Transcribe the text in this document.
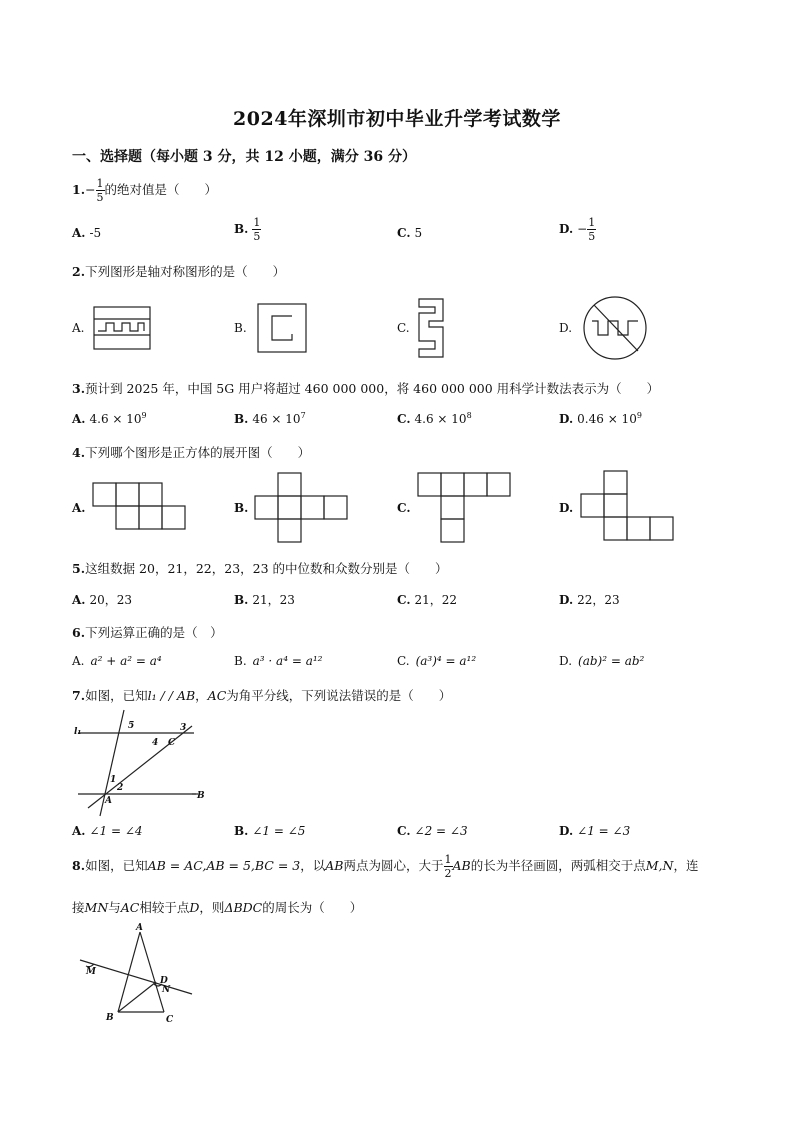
2024年深圳市初中毕业升学考试数学
一、选择题（每小题 3 分，共 12 小题，满分 36 分）
$1.- \frac{1}{5}$ 的绝对值是（　　）
A. -5	B. $\frac{1}{5}$	C. 5	D. − $\frac{1}{5}$
2.下列图形是轴对称图形的是（　　）
A.	B.	C.	D.
3.预计到 2025 年，中国 5G 用户将超过 460 000 000，将 460 000 000 用科学计数法表示为（　　）
A. $4.6 \times 10^9$	B. $46 \times 10^7$	C. $4.6 \times 10^8$	D. $0.46 \times 10^9$
4.下列哪个图形是正方体的展开图（　　）
A.	B.	C.	D.
5.这组数据 20，21，22，23，23 的中位数和众数分别是（　　）
A. 20，23	B. 21，23	C. 21，22	D. 22，23
6.下列运算正确的是（　）
A. a² + a² = a⁴	B. a³ · a⁴ = a¹²	C. (a³)⁴ = a¹²	D. (ab)² = ab²
7.如图，已知l₁ / / AB，AC为角平分线，下列说法错误的是（　　）
l₁
5	3
4 C
1
2
A	B
A. ∠1 = ∠4	B. ∠1 = ∠5	C. ∠2 = ∠3	D. ∠1 = ∠3
8.如图，已知AB = AC,AB = 5,BC = 3，以AB两点为圆心，大于 $\frac{1}{2}$ AB的长为半径画圆，两弧相交于点M,N，连
接MN与AC相较于点D，则ΔBDC的周长为（　　）
A
M
D
N
B	C
